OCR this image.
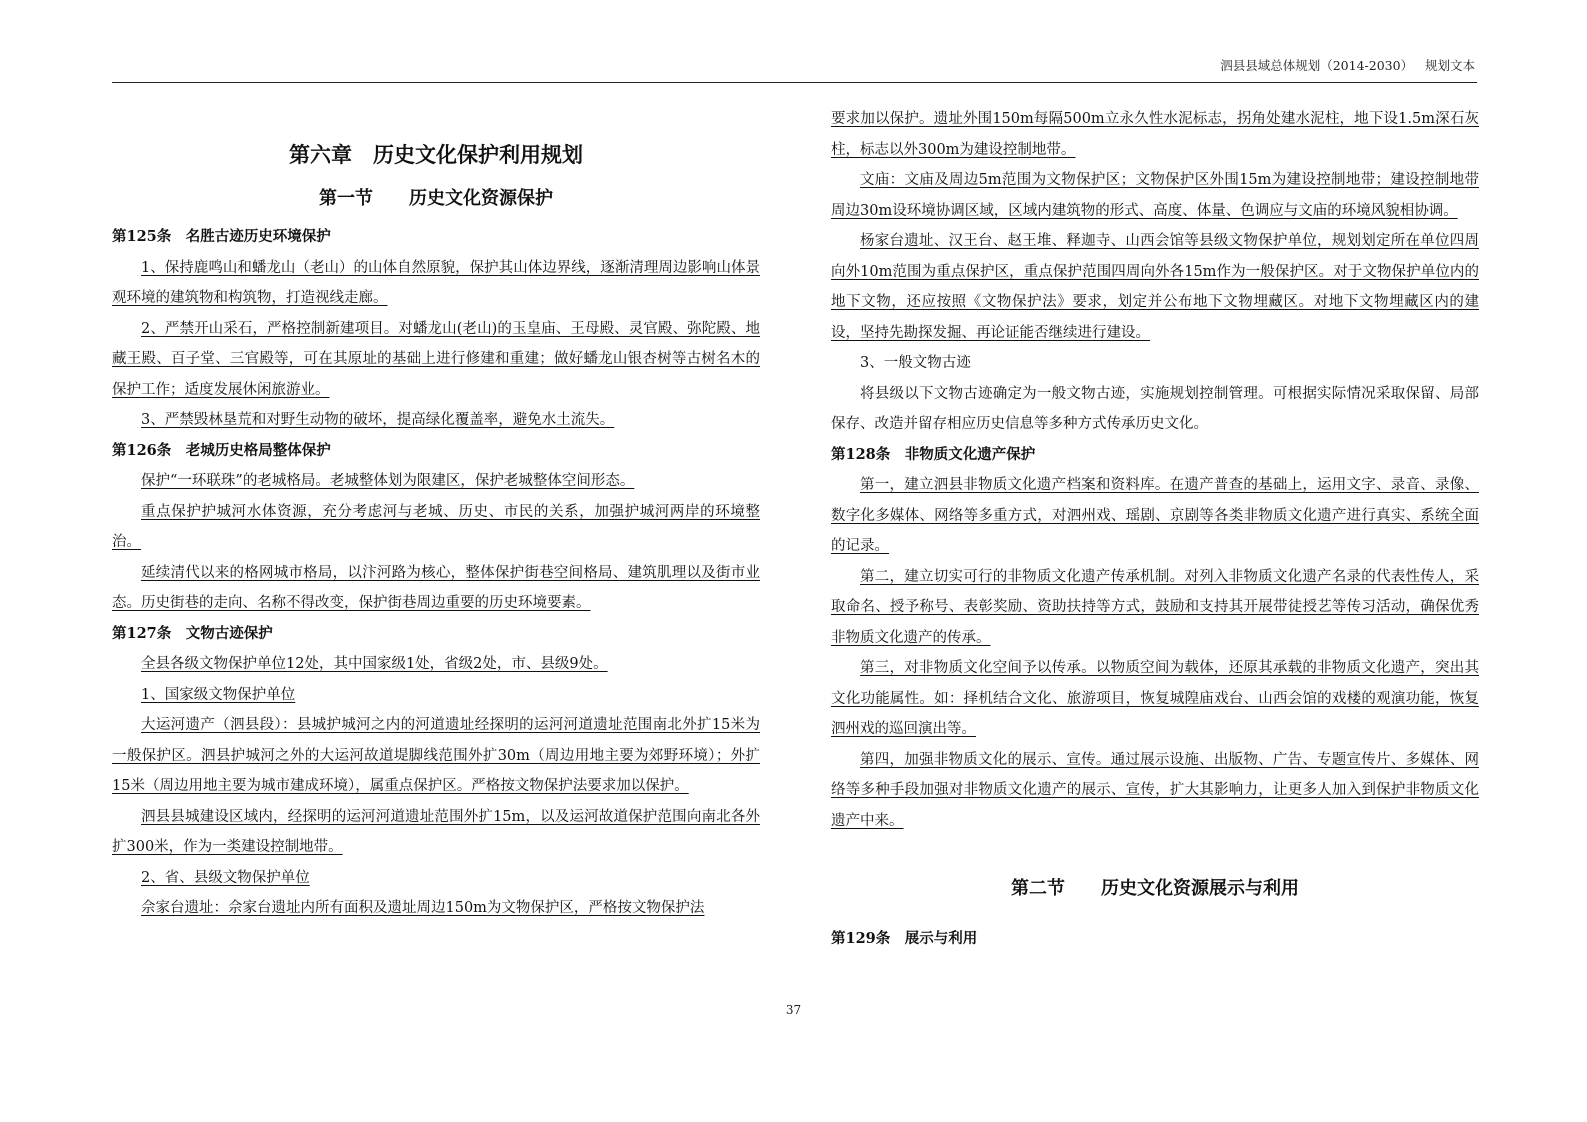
泗县县域总体规划（2014-2030）   规划文本
第六章　历史文化保护利用规划
第一节　　历史文化资源保护

第125条　名胜古迹历史环境保护

1、保持鹿鸣山和蟠龙山（老山）的山体自然原貌，保护其山体边界线，逐渐清理周边影响山体景观环境的建筑物和构筑物，打造视线走廊。

2、严禁开山采石，严格控制新建项目。对蟠龙山(老山)的玉皇庙、王母殿、灵官殿、弥陀殿、地藏王殿、百子堂、三官殿等，可在其原址的基础上进行修建和重建；做好蟠龙山银杏树等古树名木的保护工作；适度发展休闲旅游业。

3、严禁毁林垦荒和对野生动物的破坏，提高绿化覆盖率，避免水土流失。

第126条　老城历史格局整体保护

保护“一环联珠”的老城格局。老城整体划为限建区，保护老城整体空间形态。

重点保护护城河水体资源，充分考虑河与老城、历史、市民的关系，加强护城河两岸的环境整治。

延续清代以来的格网城市格局，以汴河路为核心，整体保护街巷空间格局、建筑肌理以及街市业态。历史街巷的走向、名称不得改变，保护街巷周边重要的历史环境要素。

第127条　文物古迹保护

全县各级文物保护单位12处，其中国家级1处，省级2处，市、县级9处。

1、国家级文物保护单位

大运河遗产（泗县段）：县城护城河之内的河道遗址经探明的运河河道遗址范围南北外扩15米为一般保护区。泗县护城河之外的大运河故道堤脚线范围外扩30m（周边用地主要为郊野环境）；外扩15米（周边用地主要为城市建成环境），属重点保护区。严格按文物保护法要求加以保护。

泗县县城建设区域内，经探明的运河河道遗址范围外扩15m，以及运河故道保护范围向南北各外扩300米，作为一类建设控制地带。

2、省、县级文物保护单位

佘家台遗址：佘家台遗址内所有面积及遗址周边150m为文物保护区，严格按文物保护法

要求加以保护。遗址外围150m每隔500m立永久性水泥标志，拐角处建水泥柱，地下设1.5m深石灰柱，标志以外300m为建设控制地带。

文庙：文庙及周边5m范围为文物保护区；文物保护区外围15m为建设控制地带；建设控制地带周边30m设环境协调区域，区域内建筑物的形式、高度、体量、色调应与文庙的环境风貌相协调。

杨家台遗址、汉王台、赵王堆、释迦寺、山西会馆等县级文物保护单位，规划划定所在单位四周向外10m范围为重点保护区，重点保护范围四周向外各15m作为一般保护区。对于文物保护单位内的地下文物，还应按照《文物保护法》要求，划定并公布地下文物埋藏区。对地下文物埋藏区内的建设，坚持先勘探发掘、再论证能否继续进行建设。

3、一般文物古迹

将县级以下文物古迹确定为一般文物古迹，实施规划控制管理。可根据实际情况采取保留、局部保存、改造并留存相应历史信息等多种方式传承历史文化。

第128条　非物质文化遗产保护

第一，建立泗县非物质文化遗产档案和资料库。在遗产普查的基础上，运用文字、录音、录像、数字化多媒体、网络等多重方式，对泗州戏、瑶剧、京剧等各类非物质文化遗产进行真实、系统全面的记录。

第二，建立切实可行的非物质文化遗产传承机制。对列入非物质文化遗产名录的代表性传人，采取命名、授予称号、表彰奖励、资助扶持等方式，鼓励和支持其开展带徒授艺等传习活动，确保优秀非物质文化遗产的传承。

第三，对非物质文化空间予以传承。以物质空间为载体，还原其承载的非物质文化遗产，突出其文化功能属性。如：择机结合文化、旅游项目，恢复城隍庙戏台、山西会馆的戏楼的观演功能，恢复泗州戏的巡回演出等。

第四，加强非物质文化的展示、宣传。通过展示设施、出版物、广告、专题宣传片、多媒体、网络等多种手段加强对非物质文化遗产的展示、宣传，扩大其影响力，让更多人加入到保护非物质文化遗产中来。

第二节　　历史文化资源展示与利用

第129条　展示与利用

37
